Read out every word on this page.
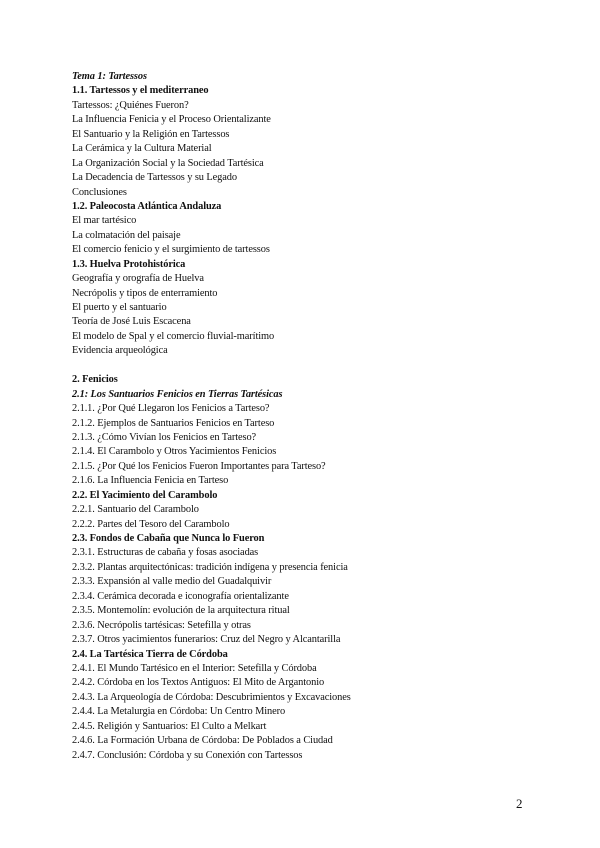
Tema 1: Tartessos
1.1. Tartessos y el mediterraneo
Tartessos: ¿Quiénes Fueron?
La Influencia Fenicia y el Proceso Orientalizante
El Santuario y la Religión en Tartessos
La Cerámica y la Cultura Material
La Organización Social y la Sociedad Tartésica
La Decadencia de Tartessos y su Legado
Conclusiones
1.2. Paleocosta Atlántica Andaluza
El mar tartésico
La colmatación del paisaje
El comercio fenicio y el surgimiento de tartessos
1.3. Huelva Protohistórica
Geografía y orografía de Huelva
Necrópolis y tipos de enterramiento
El puerto y el santuario
Teoría de José Luis Escacena
El modelo de Spal y el comercio fluvial-marítimo
Evidencia arqueológica
2. Fenicios
2.1: Los Santuarios Fenicios en Tierras Tartésicas
2.1.1. ¿Por Qué Llegaron los Fenicios a Tarteso?
2.1.2. Ejemplos de Santuarios Fenicios en Tarteso
2.1.3. ¿Cómo Vivían los Fenicios en Tarteso?
2.1.4. El Carambolo y Otros Yacimientos Fenicios
2.1.5. ¿Por Qué los Fenicios Fueron Importantes para Tarteso?
2.1.6. La Influencia Fenicia en Tarteso
2.2. El Yacimiento del Carambolo
2.2.1. Santuario del Carambolo
2.2.2. Partes del Tesoro del Carambolo
2.3. Fondos de Cabaña que Nunca lo Fueron
2.3.1. Estructuras de cabaña y fosas asociadas
2.3.2. Plantas arquitectónicas: tradición indígena y presencia fenicia
2.3.3. Expansión al valle medio del Guadalquivir
2.3.4. Cerámica decorada e iconografía orientalizante
2.3.5. Montemolín: evolución de la arquitectura ritual
2.3.6. Necrópolis tartésicas: Setefilla y otras
2.3.7. Otros yacimientos funerarios: Cruz del Negro y Alcantarilla
2.4. La Tartésica Tierra de Córdoba
2.4.1. El Mundo Tartésico en el Interior: Setefilla y Córdoba
2.4.2. Córdoba en los Textos Antiguos: El Mito de Argantonio
2.4.3. La Arqueología de Córdoba: Descubrimientos y Excavaciones
2.4.4. La Metalurgia en Córdoba: Un Centro Minero
2.4.5. Religión y Santuarios: El Culto a Melkart
2.4.6. La Formación Urbana de Córdoba: De Poblados a Ciudad
2.4.7. Conclusión: Córdoba y su Conexión con Tartessos
2
